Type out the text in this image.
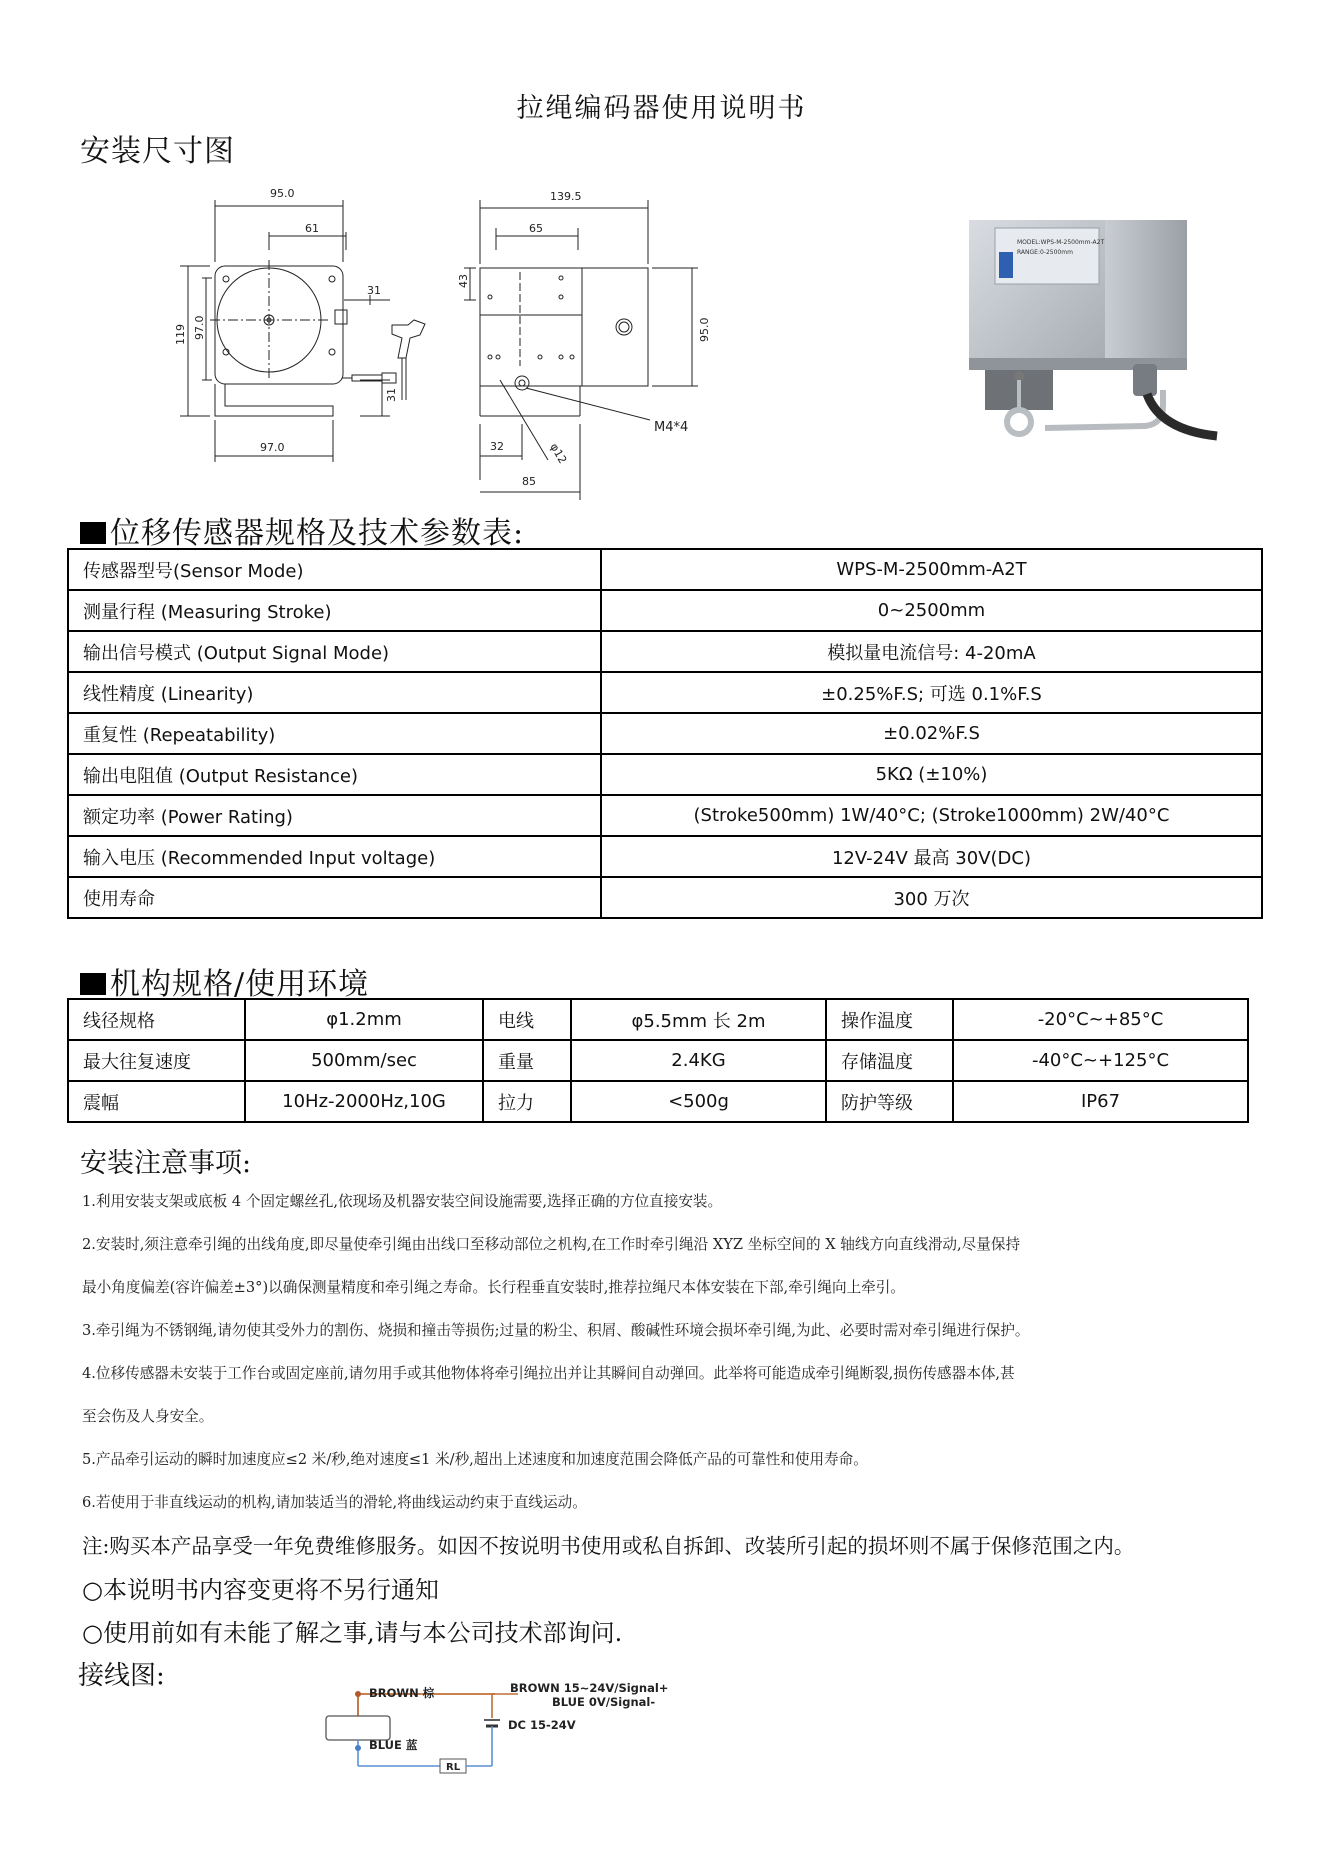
拉绳编码器使用说明书
安装尺寸图
95.0
61
119 97.0
31
31
97.0
139.5
65
43
95.0
M4*4
φ12
32
85
MODEL:WPS-M-2500mm-A2T
RANGE:0-2500mm
位移传感器规格及技术参数表:
传感器型号(Sensor Mode)	WPS-M-2500mm-A2T
测量行程 (Measuring Stroke)	0~2500mm
输出信号模式 (Output Signal Mode)	模拟量电流信号: 4-20mA
线性精度 (Linearity)	±0.25%F.S; 可选 0.1%F.S
重复性 (Repeatability)	±0.02%F.S
输出电阻值 (Output Resistance)	5KΩ (±10%)
额定功率 (Power Rating)	(Stroke500mm) 1W/40°C; (Stroke1000mm) 2W/40°C
输入电压 (Recommended Input voltage)	12V-24V 最高 30V(DC)
使用寿命	300 万次
机构规格/使用环境
线径规格	φ1.2mm	电线	φ5.5mm 长 2m	操作温度	-20°C~+85°C
最大往复速度	500mm/sec	重量	2.4KG	存储温度	-40°C~+125°C
震幅	10Hz-2000Hz,10G	拉力	<500g	防护等级	IP67
安装注意事项:
1.利用安装支架或底板 4 个固定螺丝孔,依现场及机器安装空间设施需要,选择正确的方位直接安装。
2.安装时,须注意牵引绳的出线角度,即尽量使牵引绳由出线口至移动部位之机构,在工作时牵引绳沿 XYZ 坐标空间的 X 轴线方向直线滑动,尽量保持
最小角度偏差(容许偏差±3°)以确保测量精度和牵引绳之寿命。长行程垂直安装时,推荐拉绳尺本体安装在下部,牵引绳向上牵引。
3.牵引绳为不锈钢绳,请勿使其受外力的割伤、烧损和撞击等损伤;过量的粉尘、积屑、酸碱性环境会损坏牵引绳,为此、必要时需对牵引绳进行保护。
4.位移传感器未安装于工作台或固定座前,请勿用手或其他物体将牵引绳拉出并让其瞬间自动弹回。此举将可能造成牵引绳断裂,损伤传感器本体,甚
至会伤及人身安全。
5.产品牵引运动的瞬时加速度应≤2 米/秒,绝对速度≤1 米/秒,超出上述速度和加速度范围会降低产品的可靠性和使用寿命。
6.若使用于非直线运动的机构,请加装适当的滑轮,将曲线运动约束于直线运动。
注:购买本产品享受一年免费维修服务。如因不按说明书使用或私自拆卸、改装所引起的损坏则不属于保修范围之内。
○本说明书内容变更将不另行通知
○使用前如有未能了解之事,请与本公司技术部询问.
接线图:
BROWN 棕
BLUE 蓝
BROWN 15~24V/Signal+
BLUE 0V/Signal-
DC 15-24V
RL
